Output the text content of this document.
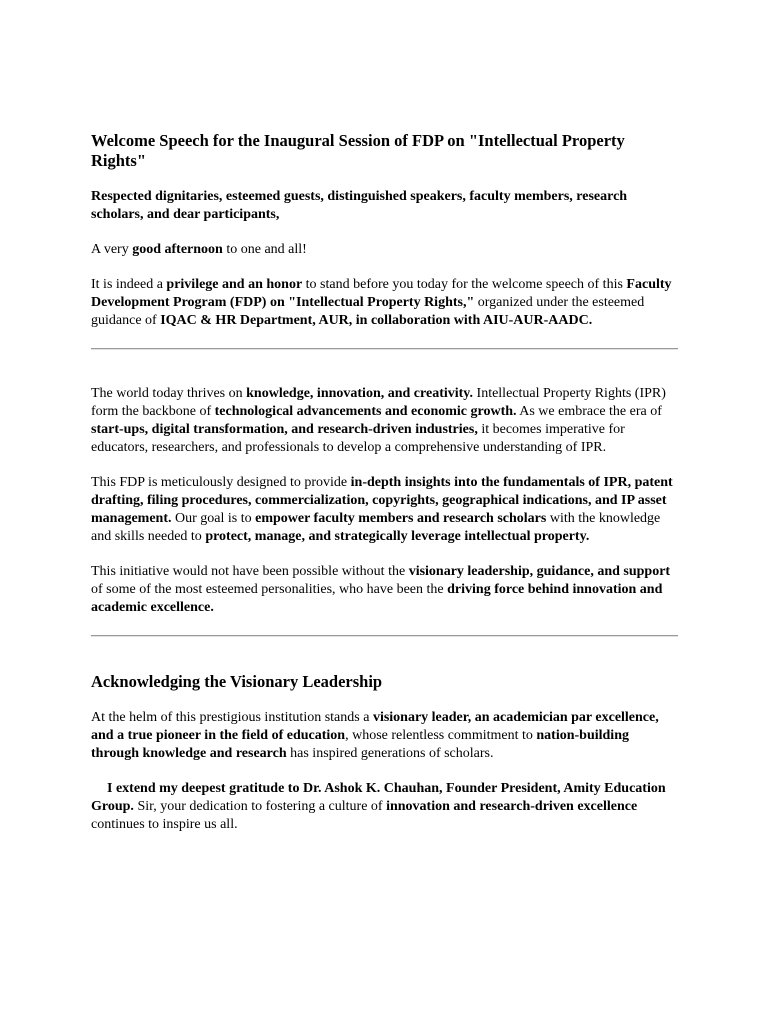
Welcome Speech for the Inaugural Session of FDP on "Intellectual Property Rights"

Respected dignitaries, esteemed guests, distinguished speakers, faculty members, research scholars, and dear participants,

A very good afternoon to one and all!

It is indeed a privilege and an honor to stand before you today for the welcome speech of this Faculty Development Program (FDP) on "Intellectual Property Rights," organized under the esteemed guidance of IQAC & HR Department, AUR, in collaboration with AIU-AUR-AADC.

The world today thrives on knowledge, innovation, and creativity. Intellectual Property Rights (IPR) form the backbone of technological advancements and economic growth. As we embrace the era of start-ups, digital transformation, and research-driven industries, it becomes imperative for educators, researchers, and professionals to develop a comprehensive understanding of IPR.

This FDP is meticulously designed to provide in-depth insights into the fundamentals of IPR, patent drafting, filing procedures, commercialization, copyrights, geographical indications, and IP asset management. Our goal is to empower faculty members and research scholars with the knowledge and skills needed to protect, manage, and strategically leverage intellectual property.

This initiative would not have been possible without the visionary leadership, guidance, and support of some of the most esteemed personalities, who have been the driving force behind innovation and academic excellence.

Acknowledging the Visionary Leadership

At the helm of this prestigious institution stands a visionary leader, an academician par excellence, and a true pioneer in the field of education, whose relentless commitment to nation-building through knowledge and research has inspired generations of scholars.

I extend my deepest gratitude to Dr. Ashok K. Chauhan, Founder President, Amity Education Group. Sir, your dedication to fostering a culture of innovation and research-driven excellence continues to inspire us all.
